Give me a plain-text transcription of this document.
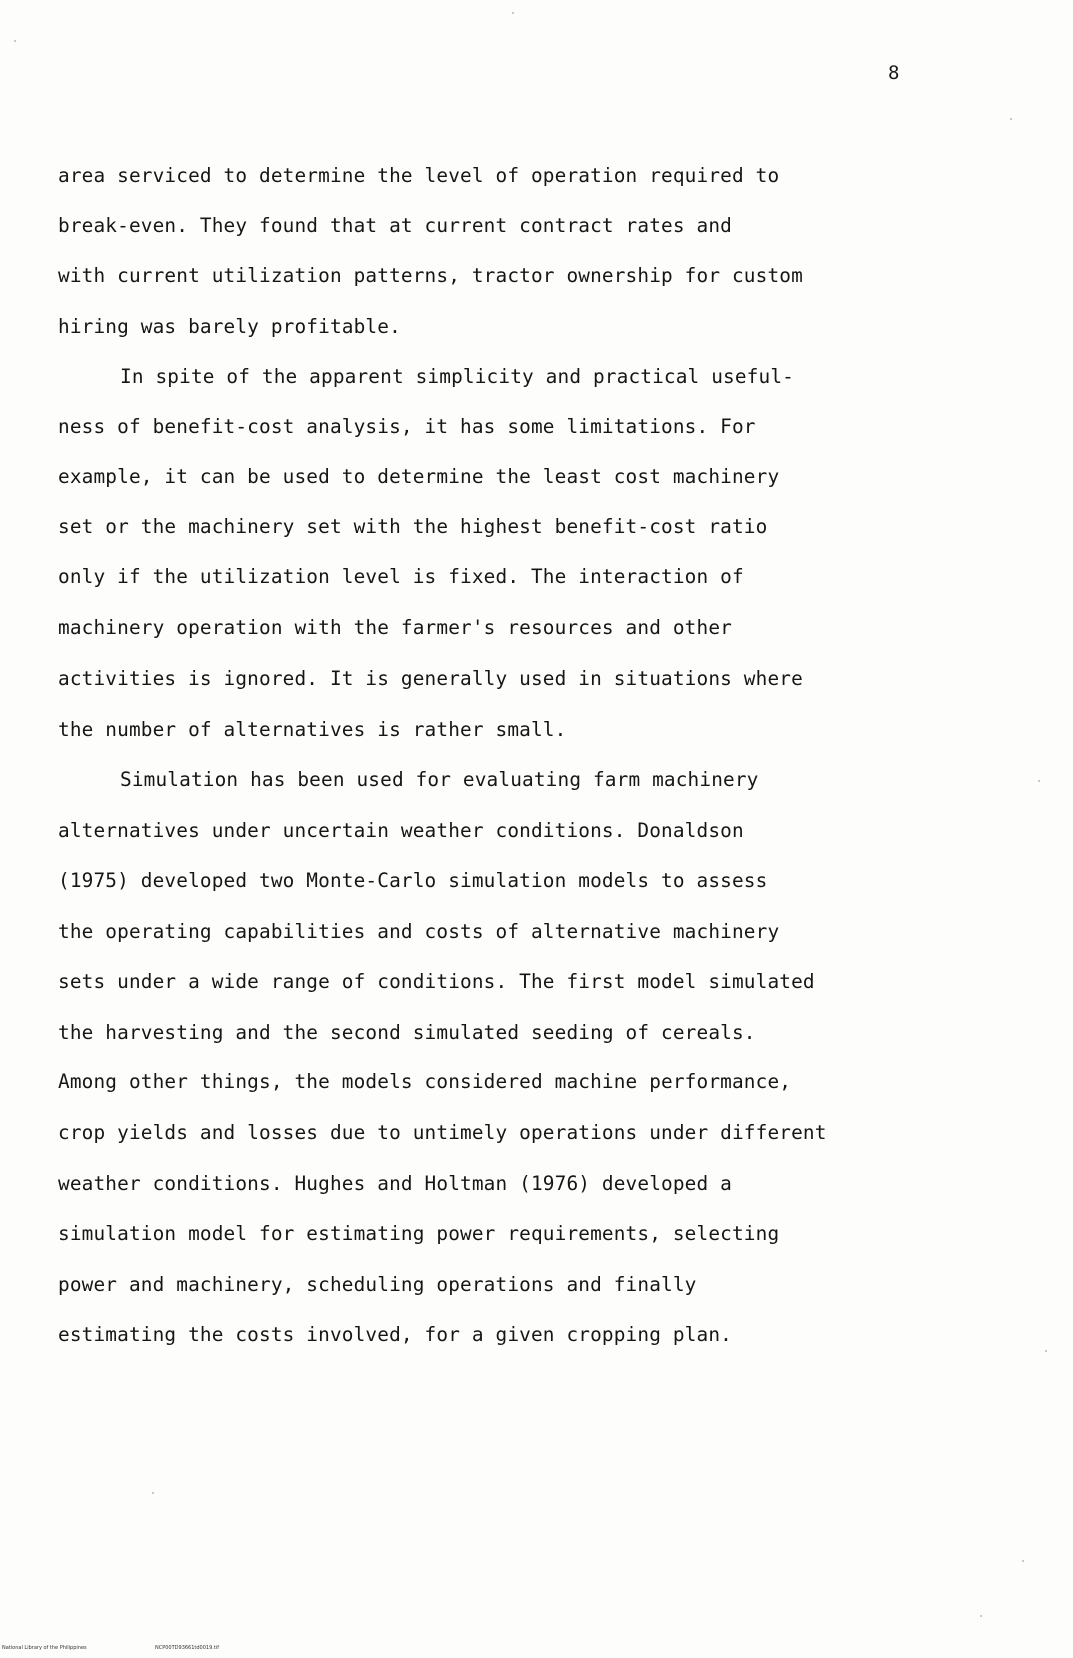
8
area serviced to determine the level of operation required to
break-even. They found that at current contract rates and
with current utilization patterns, tractor ownership for custom
hiring was barely profitable.
In spite of the apparent simplicity and practical useful-
ness of benefit-cost analysis, it has some limitations. For
example, it can be used to determine the least cost machinery
set or the machinery set with the highest benefit-cost ratio
only if the utilization level is fixed. The interaction of
machinery operation with the farmer's resources and other
activities is ignored. It is generally used in situations where
the number of alternatives is rather small.
Simulation has been used for evaluating farm machinery
alternatives under uncertain weather conditions. Donaldson
(1975) developed two Monte-Carlo simulation models to assess
the operating capabilities and costs of alternative machinery
sets under a wide range of conditions. The first model simulated
the harvesting and the second simulated seeding of cereals.
Among other things, the models considered machine performance,
crop yields and losses due to untimely operations under different
weather conditions. Hughes and Holtman (1976) developed a
simulation model for estimating power requirements, selecting
power and machinery, scheduling operations and finally
estimating the costs involved, for a given cropping plan.
National Library of the Philippines	NCP00TD93661td0019.tif
